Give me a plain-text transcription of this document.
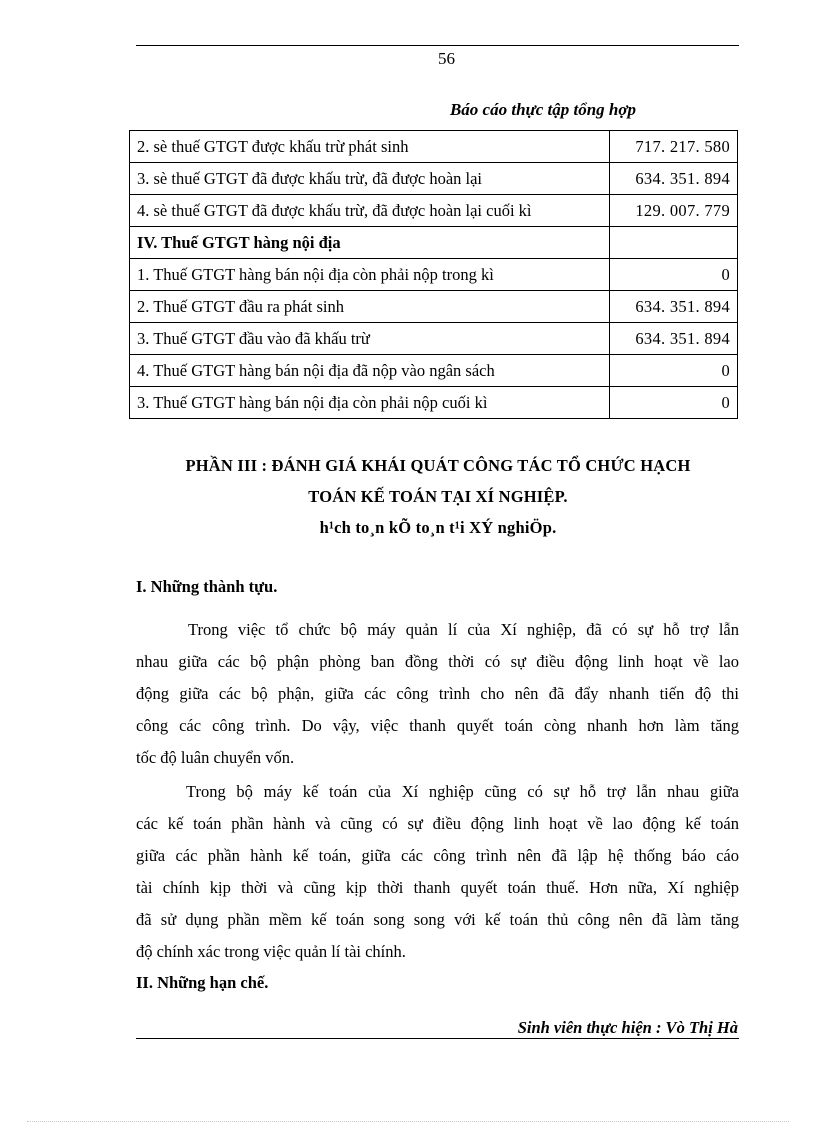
56
Báo cáo thực tập tổng hợp
2. sè thuế GTGT được khấu trừ phát sinh	717. 217. 580
3. sè thuế GTGT đã được khấu trừ, đã được hoàn lại	634. 351. 894
4. sè thuế GTGT đã được khấu trừ, đã được hoàn lại cuối kì	129. 007. 779
IV. Thuế GTGT hàng nội địa	
1. Thuế GTGT hàng bán nội địa còn phải nộp trong kì	0
2. Thuế GTGT đầu ra phát sinh	634. 351. 894
3. Thuế GTGT đầu vào đã khấu trừ	634. 351. 894
4. Thuế GTGT hàng bán nội địa đã nộp vào ngân sách	0
3. Thuế GTGT hàng bán nội địa còn phải nộp cuối kì	0
PHẦN III : ĐÁNH GIÁ KHÁI QUÁT CÔNG TÁC TỔ CHỨC HẠCH
TOÁN KẾ TOÁN TẠI XÍ NGHIỆP.
h¹ch to¸n kÕ to¸n t¹i XÝ nghiÖp.
I. Những thành tựu.
Trong việc tổ chức bộ máy quản lí của Xí nghiệp, đã có sự hỗ trợ lẫn
nhau giữa các bộ phận phòng ban đồng thời có sự điều động linh hoạt về lao
động giữa các bộ phận, giữa các công trình cho nên đã đẩy nhanh tiến độ thi
công các công trình. Do vậy, việc thanh quyết toán còng nhanh hơn làm tăng
tốc độ luân chuyển vốn.
Trong bộ máy kế toán của Xí nghiệp cũng có sự hỗ trợ lẫn nhau giữa
các kế toán phần hành và cũng có sự điều động linh hoạt về lao động kế toán
giữa các phần hành kế toán, giữa các công trình nên đã lập hệ thống báo cáo
tài chính kịp thời và cũng kịp thời thanh quyết toán thuế. Hơn nữa, Xí nghiệp
đã sử dụng phần mềm kế toán song song với kế toán thủ công nên đã làm tăng
độ chính xác trong việc quản lí tài chính.
II. Những hạn chế.
Sinh viên thực hiện : Vò Thị Hà
